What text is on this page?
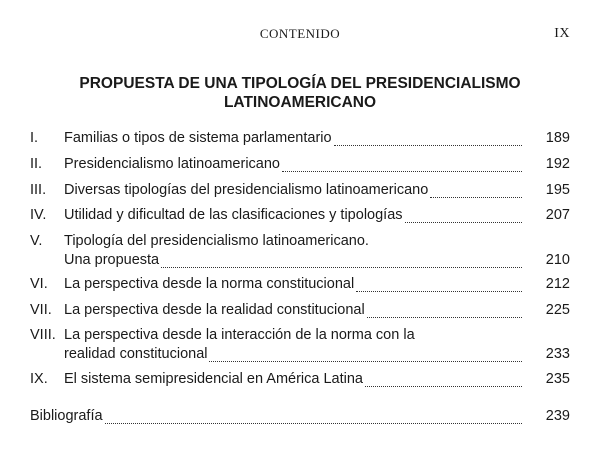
CONTENIDO	IX
PROPUESTA DE UNA TIPOLOGÍA DEL PRESIDENCIALISMO
LATINOAMERICANO
I. Familias o tipos de sistema parlamentario	189
II. Presidencialismo latinoamericano	192
III. Diversas tipologías del presidencialismo latinoamericano	195
IV. Utilidad y dificultad de las clasificaciones y tipologías	207
V. Tipología del presidencialismo latinoamericano.
Una propuesta	210
VI. La perspectiva desde la norma constitucional	212
VII. La perspectiva desde la realidad constitucional	225
VIII. La perspectiva desde la interacción de la norma con la
realidad constitucional	233
IX. El sistema semipresidencial en América Latina	235
Bibliografía	239
